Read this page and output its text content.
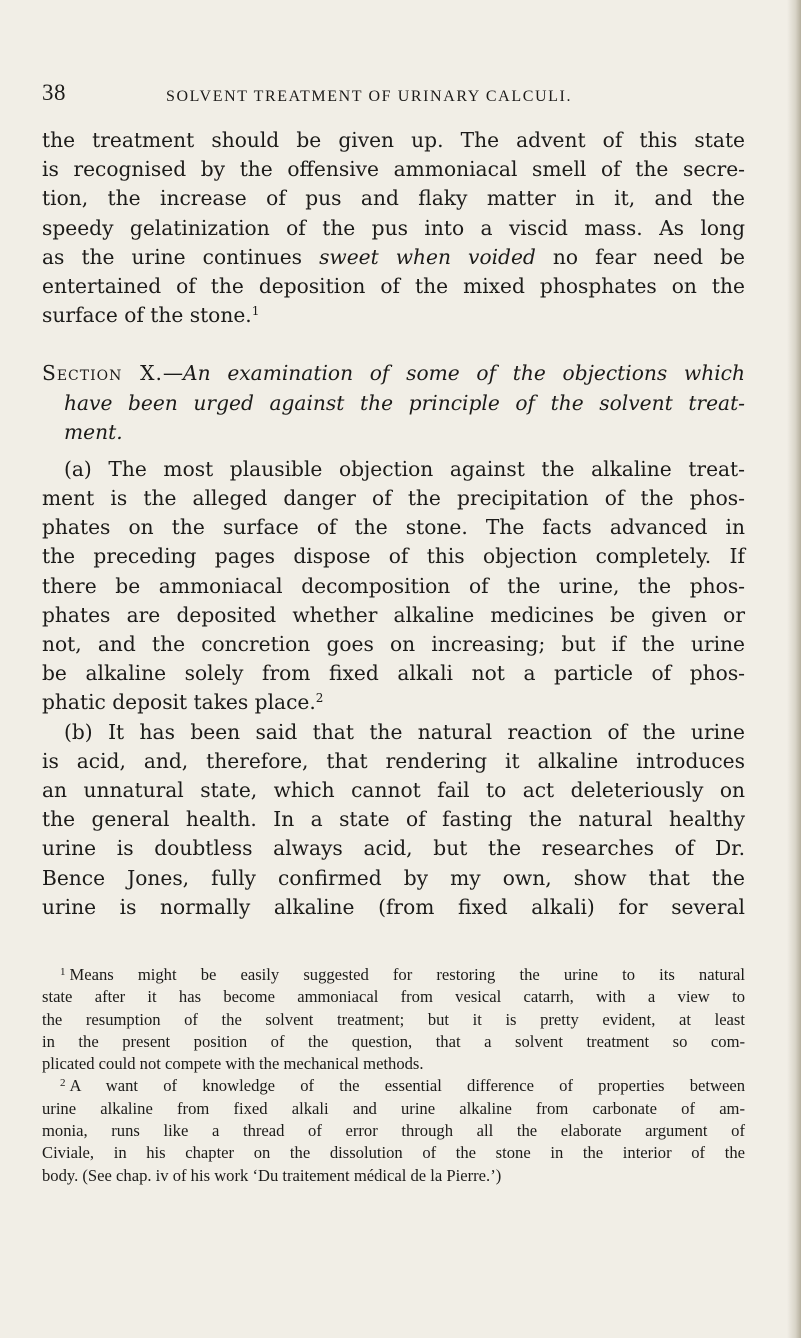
38	SOLVENT TREATMENT OF URINARY CALCULI.
the treatment should be given up. The advent of this state
is recognised by the offensive ammoniacal smell of the secre-
tion, the increase of pus and flaky matter in it, and the
speedy gelatinization of the pus into a viscid mass. As long
as the urine continues sweet when voided no fear need be
entertained of the deposition of the mixed phosphates on the
surface of the stone.$^1$
Section X.—An examination of some of the objections which
have been urged against the principle of the solvent treat-
ment.
(a) The most plausible objection against the alkaline treat-
ment is the alleged danger of the precipitation of the phos-
phates on the surface of the stone. The facts advanced in
the preceding pages dispose of this objection completely. If
there be ammoniacal decomposition of the urine, the phos-
phates are deposited whether alkaline medicines be given or
not, and the concretion goes on increasing; but if the urine
be alkaline solely from fixed alkali not a particle of phos-
phatic deposit takes place.$^2$
(b) It has been said that the natural reaction of the urine
is acid, and, therefore, that rendering it alkaline introduces
an unnatural state, which cannot fail to act deleteriously on
the general health. In a state of fasting the natural healthy
urine is doubtless always acid, but the researches of Dr.
Bence Jones, fully confirmed by my own, show that the
urine is normally alkaline (from fixed alkali) for several
$^1$ Means might be easily suggested for restoring the urine to its natural
state after it has become ammoniacal from vesical catarrh, with a view to
the resumption of the solvent treatment; but it is pretty evident, at least
in the present position of the question, that a solvent treatment so com-
plicated could not compete with the mechanical methods.
$^2$ A want of knowledge of the essential difference of properties between
urine alkaline from fixed alkali and urine alkaline from carbonate of am-
monia, runs like a thread of error through all the elaborate argument of
Civiale, in his chapter on the dissolution of the stone in the interior of the
body. (See chap. iv of his work ‘Du traitement médical de la Pierre.’)
